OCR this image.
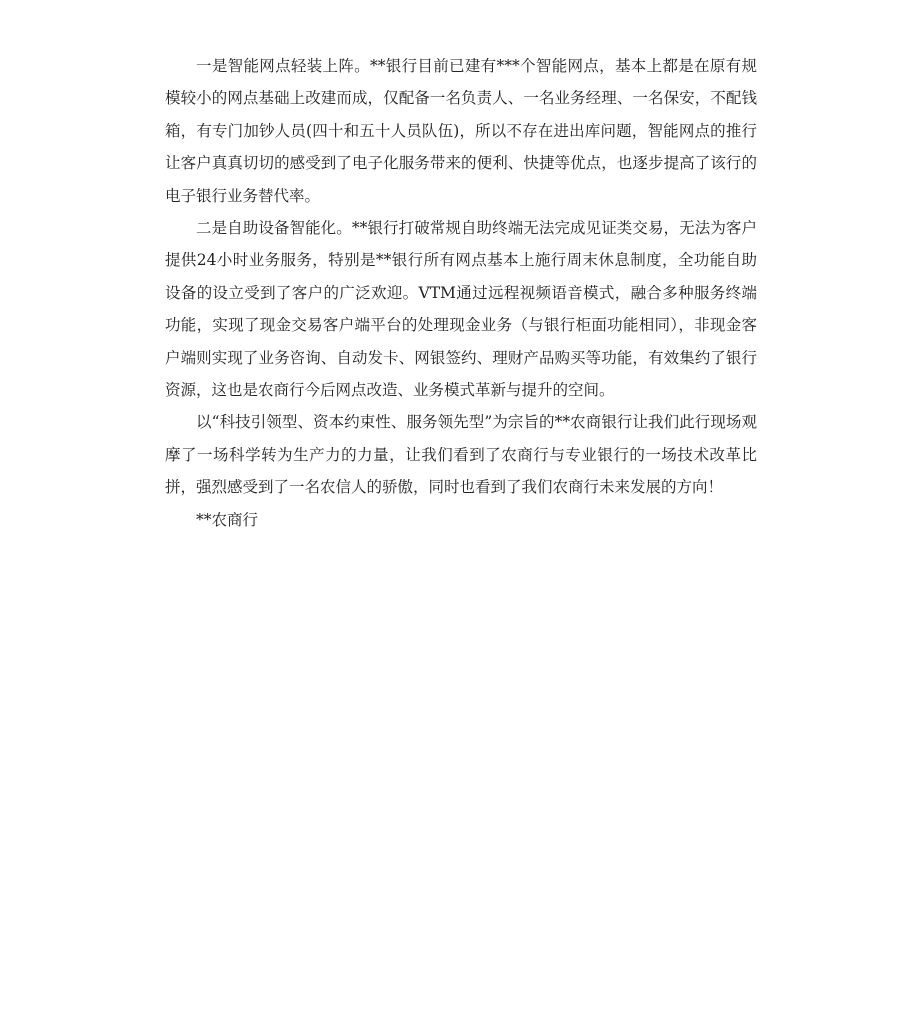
一是智能网点轻装上阵。**银行目前已建有***个智能网点，基本上都是在原有规模较小的网点基础上改建而成，仅配备一名负责人、一名业务经理、一名保安，不配钱箱，有专门加钞人员(四十和五十人员队伍)，所以不存在进出库问题，智能网点的推行让客户真真切切的感受到了电子化服务带来的便利、快捷等优点，也逐步提高了该行的电子银行业务替代率。

二是自助设备智能化。**银行打破常规自助终端无法完成见证类交易，无法为客户提供24小时业务服务，特别是**银行所有网点基本上施行周末休息制度，全功能自助设备的设立受到了客户的广泛欢迎。VTM通过远程视频语音模式，融合多种服务终端功能，实现了现金交易客户端平台的处理现金业务（与银行柜面功能相同），非现金客户端则实现了业务咨询、自动发卡、网银签约、理财产品购买等功能，有效集约了银行资源，这也是农商行今后网点改造、业务模式革新与提升的空间。

以“科技引领型、资本约束性、服务领先型”为宗旨的**农商银行让我们此行现场观摩了一场科学转为生产力的力量，让我们看到了农商行与专业银行的一场技术改革比拼，强烈感受到了一名农信人的骄傲，同时也看到了我们农商行未来发展的方向！

**农商行
